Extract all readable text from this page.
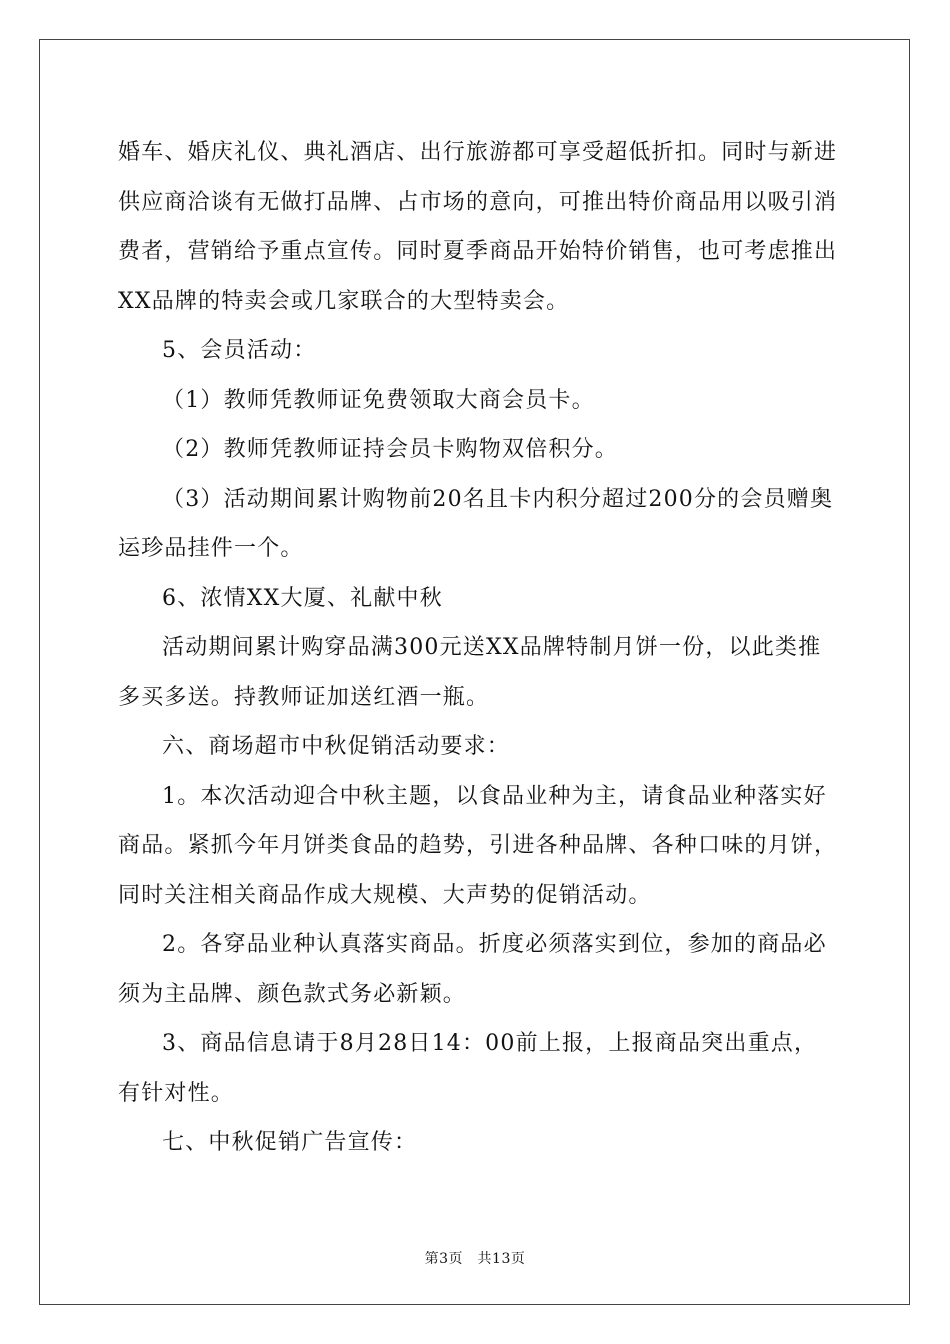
婚车、婚庆礼仪、典礼酒店、出行旅游都可享受超低折扣。同时与新进供应商洽谈有无做打品牌、占市场的意向，可推出特价商品用以吸引消费者，营销给予重点宣传。同时夏季商品开始特价销售，也可考虑推出XX品牌的特卖会或几家联合的大型特卖会。

5、会员活动：

（1）教师凭教师证免费领取大商会员卡。

（2）教师凭教师证持会员卡购物双倍积分。

（3）活动期间累计购物前20名且卡内积分超过200分的会员赠奥运珍品挂件一个。

6、浓情XX大厦、礼献中秋

活动期间累计购穿品满300元送XX品牌特制月饼一份，以此类推多买多送。持教师证加送红酒一瓶。

六、商场超市中秋促销活动要求：

1。本次活动迎合中秋主题，以食品业种为主，请食品业种落实好商品。紧抓今年月饼类食品的趋势，引进各种品牌、各种口味的月饼，同时关注相关商品作成大规模、大声势的促销活动。

2。各穿品业种认真落实商品。折度必须落实到位，参加的商品必须为主品牌、颜色款式务必新颖。

3、商品信息请于8月28日14：00前上报，上报商品突出重点，有针对性。

七、中秋促销广告宣传：

第3页　共13页
